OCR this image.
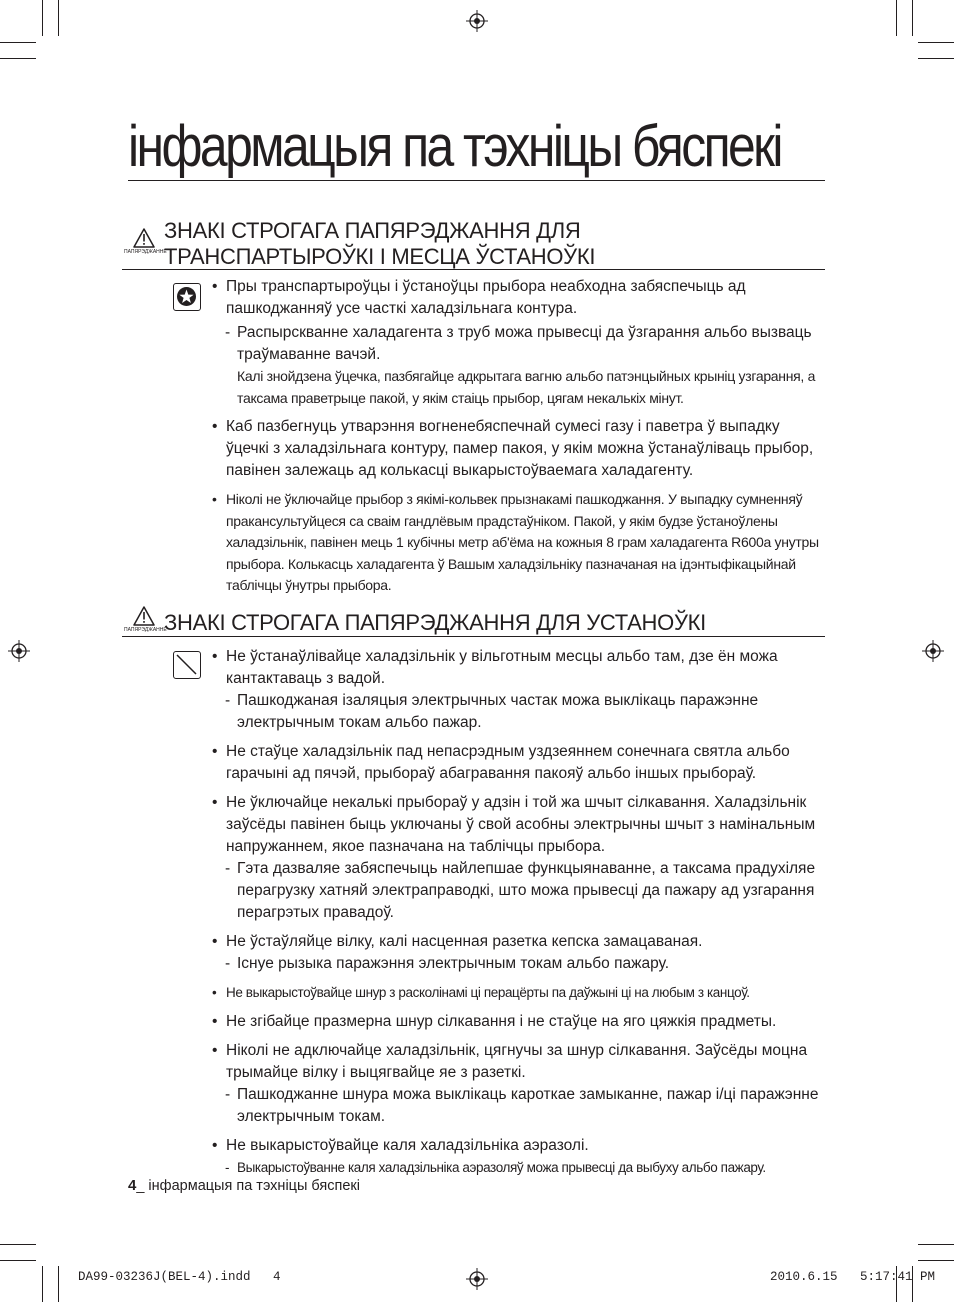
інфармацыя па тэхніцы бяспекі
ПАПЯРЭДЖАННЕ
ЗНАКІ СТРОГАГА ПАПЯРЭДЖАННЯ ДЛЯ
ТРАНСПАРТЫРОЎКІ І МЕСЦА ЎСТАНОЎКІ
• Пры транспартыроўцы і ўстаноўцы прыбора неабходна забяспечыць ад пашкоджанняў усе часткі халадзільнага контура.
- Распырскванне халадагента з труб можа прывесці да ўзгарання альбо вызваць траўмаванне вачэй.
Калі знойдзена ўцечка, пазбягайце адкрытага вагню альбо патэнцыйных крыніц узгарання, а таксама праветрыце пакой, у якім стаіць прыбор, цягам некалькіх мінут.
• Каб пазбегнуць утварэння вогненебяспечнай сумесі газу і паветра ў выпадку ўцечкі з халадзільнага контуру, памер пакоя, у якім можна ўстанаўліваць прыбор, павінен залежаць ад колькасці выкарыстоўваемага халадагенту.
• Ніколі не ўключайце прыбор з якімі-кольвек прызнакамі пашкоджання. У выпадку сумненняў пракансультуйцеся са сваім гандлёвым прадстаўніком. Пакой, у якім будзе ўстаноўлены халадзільнік, павінен мець 1 кубічны метр аб'ёма на кожныя 8 грам халадагента R600a унутры прыбора. Колькасць халадагента ў Вашым халадзільніку пазначаная на ідэнтыфікацыйнай таблічцы ўнутры прыбора.
ПАПЯРЭДЖАННЕ
ЗНАКІ СТРОГАГА ПАПЯРЭДЖАННЯ ДЛЯ УСТАНОЎКІ
• Не ўстанаўлівайце халадзільнік у вільготным месцы альбо там, дзе ён можа кантактаваць з вадой.
- Пашкоджаная ізаляцыя электрычных частак можа выклікаць паражэнне электрычным токам альбо пажар.
• Не стаўце халадзільнік пад непасрэдным уздзеяннем сонечнага святла альбо гарачыні ад пячэй, прыбораў абагравання пакояў альбо іншых прыбораў.
• Не ўключайце некалькі прыбораў у адзін і той жа шчыт сілкавання. Халадзільнік заўсёды павінен быць уключаны ў свой асобны электрычны шчыт з намінальным напружаннем, якое пазначана на таблічцы прыбора.
- Гэта дазваляе забяспечыць найлепшае функцыянаванне, а таксама прадухіляе перагрузку хатняй электраправодкі, што можа прывесці да пажару ад узгарання перагрэтых правадоў.
• Не ўстаўляйце вілку, калі насценная разетка кепска замацаваная.
- Існуе рызыка паражэння электрычным токам альбо пажару.
• Не выкарыстоўвайце шнур з расколінамі ці перацёрты па даўжыні ці на любым з канцоў.
• Не згібайце празмерна шнур сілкавання і не стаўце на яго цяжкія прадметы.
• Ніколі не адключайце халадзільнік, цягнучы за шнур сілкавання. Заўсёды моцна трымайце вілку і выцягвайце яе з разеткі.
- Пашкоджанне шнура можа выклікаць кароткае замыканне, пажар і/ці паражэнне электрычным токам.
• Не выкарыстоўвайце каля халадзільніка аэразолі.
- Выкарыстоўванне каля халадзільніка аэразоляў можа прывесці да выбуху альбо пажару.
4_ інфармацыя па тэхніцы бяспекі
DA99-03236J(BEL-4).indd   4	2010.6.15   5:17:41 PM
